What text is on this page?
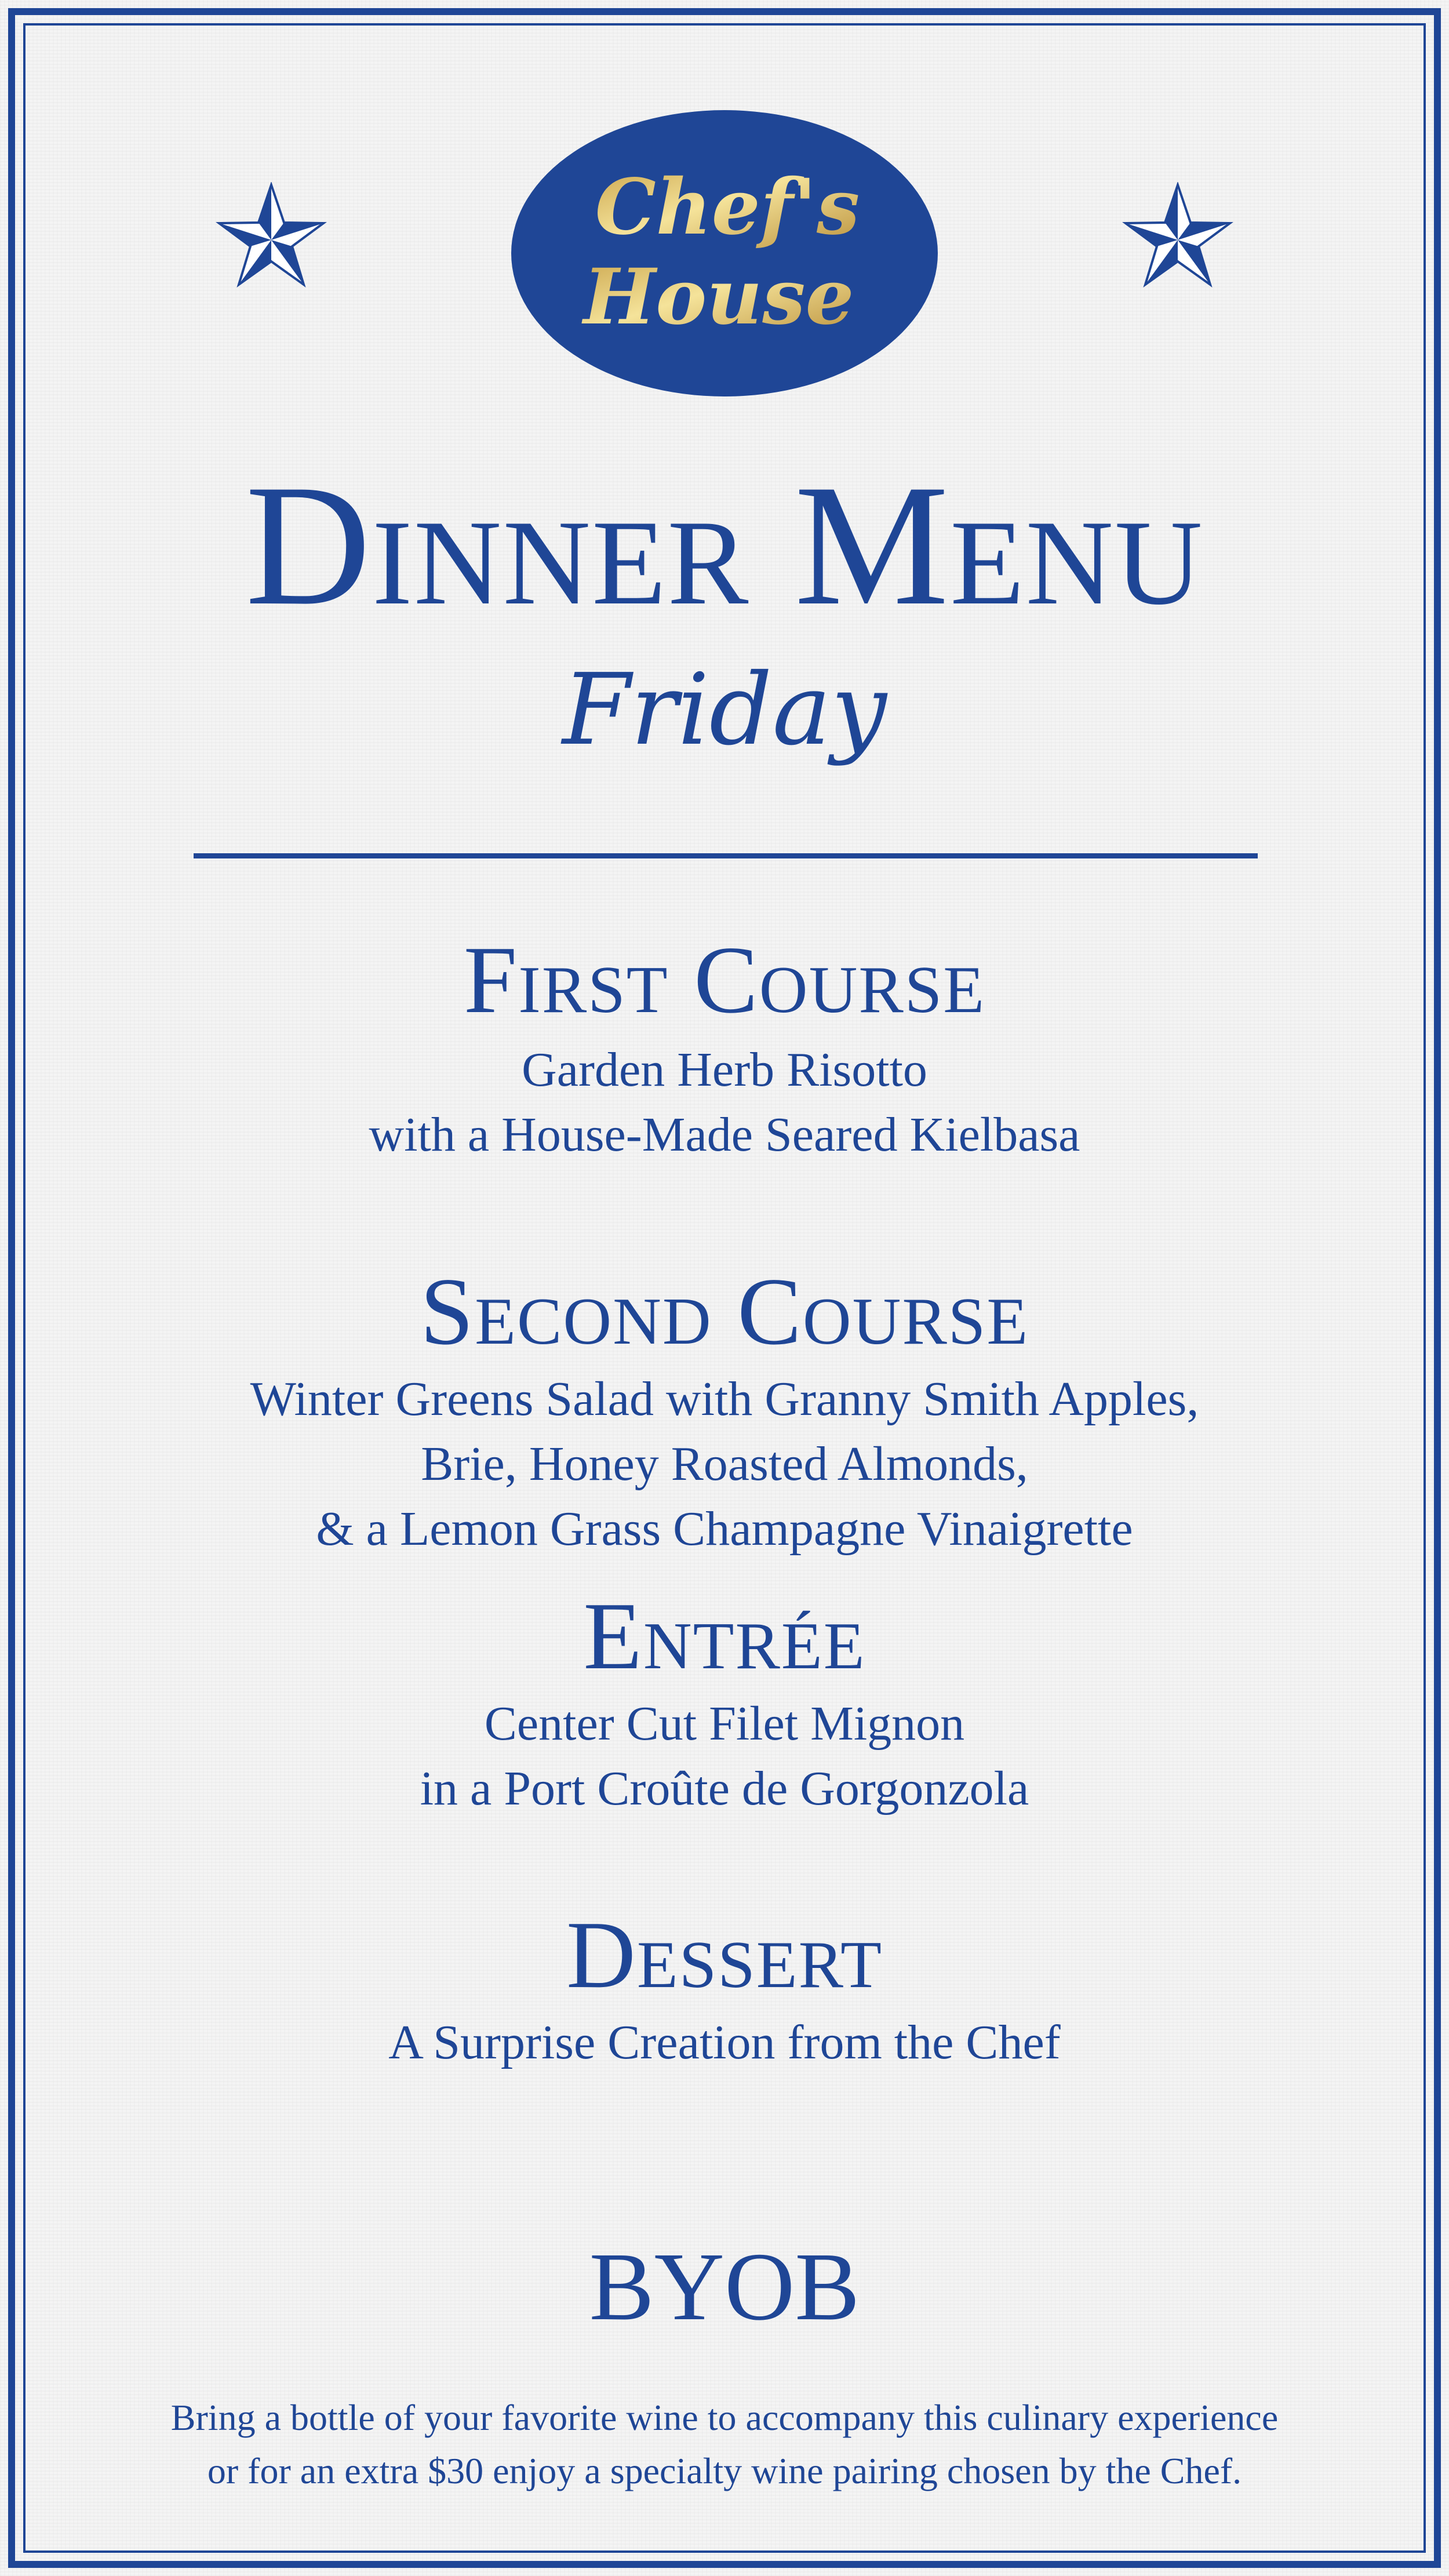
Chef's
House
Dinner Menu
Friday
First Course

Garden Herb Risotto

with a House-Made Seared Kielbasa

Second Course

Winter Greens Salad with Granny Smith Apples,

Brie, Honey Roasted Almonds,

& a Lemon Grass Champagne Vinaigrette

Entrée

Center Cut Filet Mignon

in a Port Croûte de Gorgonzola

Dessert

A Surprise Creation from the Chef

BYOB
Bring a bottle of your favorite wine to accompany this culinary experience
or for an extra $30 enjoy a specialty wine pairing chosen by the Chef.
